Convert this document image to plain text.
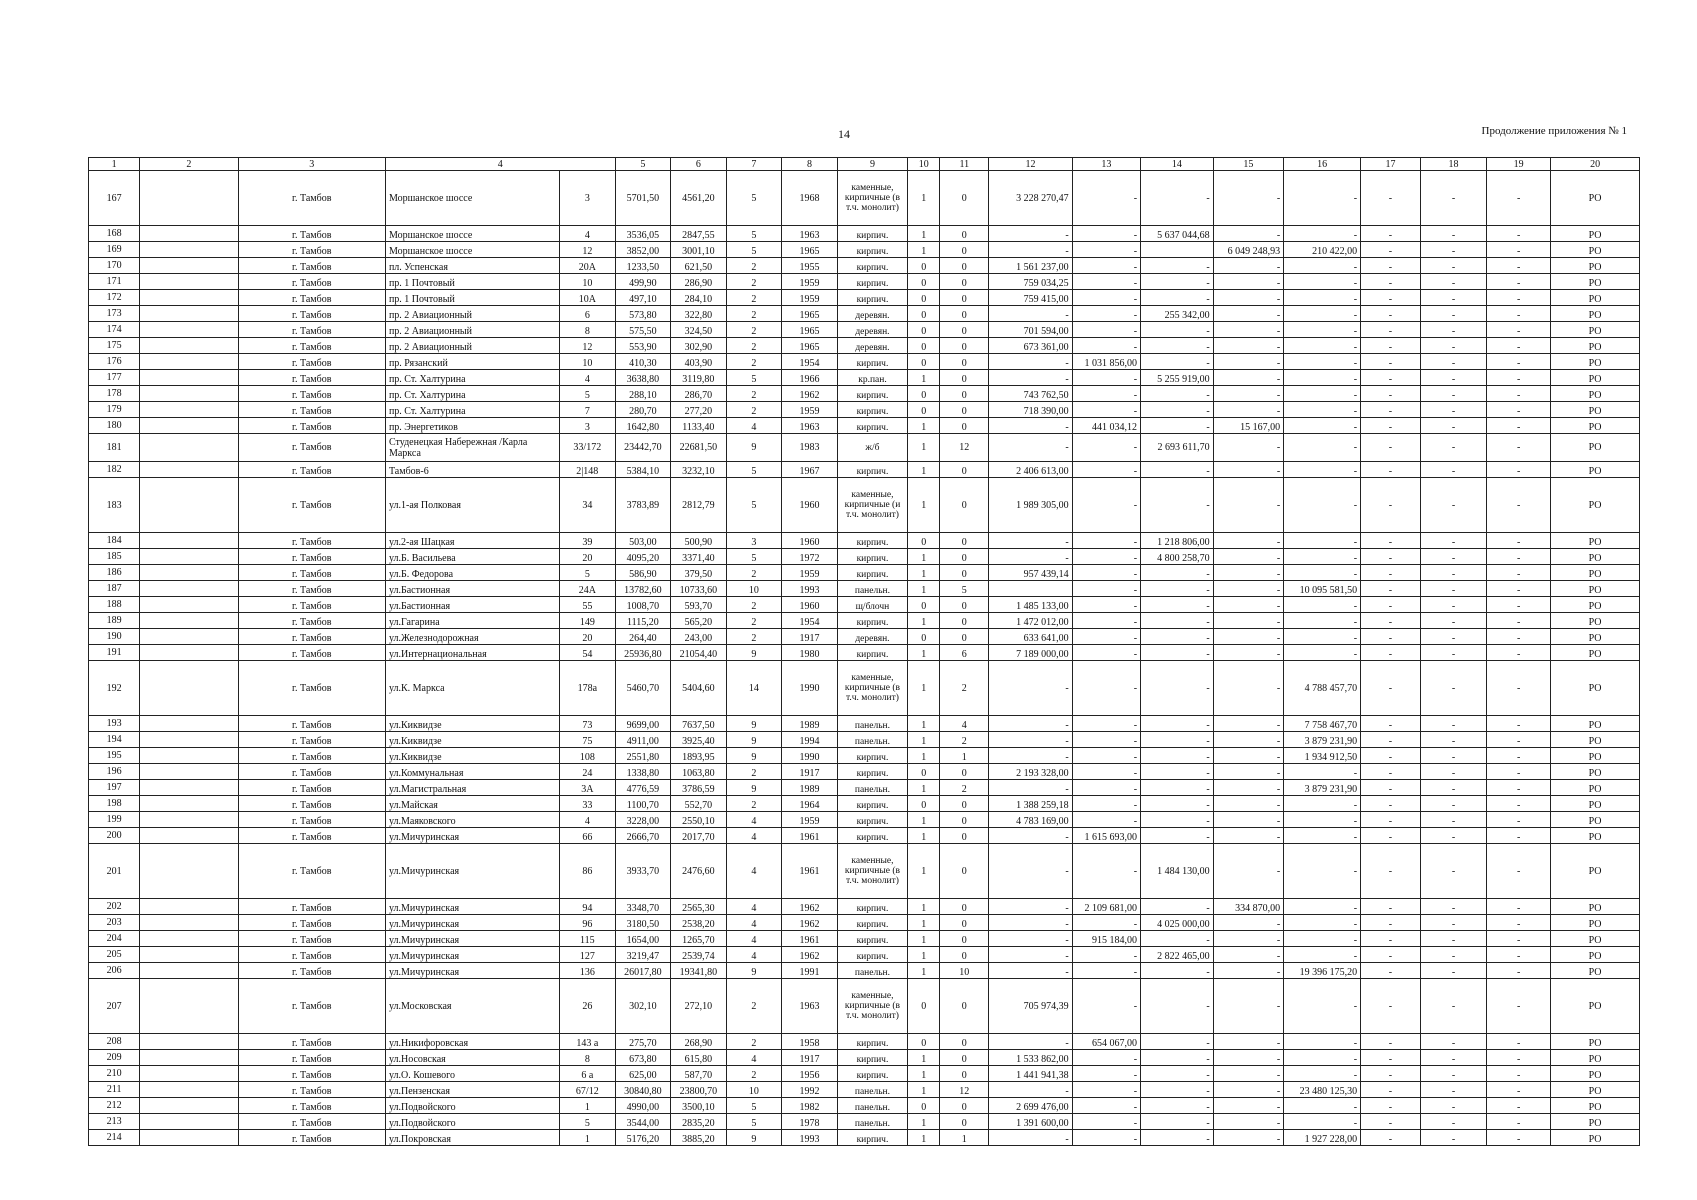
14	Продолжение приложения № 1
1	2	3	4		5	6	7	8	9	10	11	12	13	14	15	16	17	18	19	20
167		г. Тамбов	Моршанское шоссе	3	5701,50	4561,20	5	1968	каменные, кирпичные (в т.ч. монолит)	1	0	3 228 270,47	-	-	-	-	-	-	-	РО
168		г. Тамбов	Моршанское шоссе	4	3536,05	2847,55	5	1963	кирпич.	1	0	-	-	5 637 044,68	-	-	-	-	-	РО
169		г. Тамбов	Моршанское шоссе	12	3852,00	3001,10	5	1965	кирпич.	1	0	-	-		6 049 248,93	210 422,00	-	-	-	РО
170		г. Тамбов	пл. Успенская	20А	1233,50	621,50	2	1955	кирпич.	0	0	1 561 237,00	-	-	-	-	-	-	-	РО
171		г. Тамбов	пр. 1 Почтовый	10	499,90	286,90	2	1959	кирпич.	0	0	759 034,25	-	-	-	-	-	-	-	РО
172		г. Тамбов	пр. 1 Почтовый	10А	497,10	284,10	2	1959	кирпич.	0	0	759 415,00	-	-	-	-	-	-	-	РО
173		г. Тамбов	пр. 2 Авиационный	6	573,80	322,80	2	1965	деревян.	0	0	-	-	255 342,00	-	-	-	-	-	РО
174		г. Тамбов	пр. 2 Авиационный	8	575,50	324,50	2	1965	деревян.	0	0	701 594,00	-	-	-	-	-	-	-	РО
175		г. Тамбов	пр. 2 Авиационный	12	553,90	302,90	2	1965	деревян.	0	0	673 361,00	-	-	-	-	-	-	-	РО
176		г. Тамбов	пр. Рязанский	10	410,30	403,90	2	1954	кирпич.	0	0	-	1 031 856,00	-	-	-	-	-	-	РО
177		г. Тамбов	пр. Ст. Халтурина	4	3638,80	3119,80	5	1966	кр.пан.	1	0	-	-	5 255 919,00	-	-	-	-	-	РО
178		г. Тамбов	пр. Ст. Халтурина	5	288,10	286,70	2	1962	кирпич.	0	0	743 762,50	-	-	-	-	-	-	-	РО
179		г. Тамбов	пр. Ст. Халтурина	7	280,70	277,20	2	1959	кирпич.	0	0	718 390,00	-	-	-	-	-	-	-	РО
180		г. Тамбов	пр. Энергетиков	3	1642,80	1133,40	4	1963	кирпич.	1	0	-	441 034,12	-	15 167,00	-	-	-	-	РО
181		г. Тамбов	Студенецкая Набережная /Карла Маркса	33/172	23442,70	22681,50	9	1983	ж/б	1	12	-	-	2 693 611,70	-	-	-	-	-	РО
182		г. Тамбов	Тамбов-6	2|148	5384,10	3232,10	5	1967	кирпич.	1	0	2 406 613,00	-	-	-	-	-	-	-	РО
183		г. Тамбов	ул.1-ая Полковая	34	3783,89	2812,79	5	1960	каменные, кирпичные (и т.ч. монолит)	1	0	1 989 305,00	-	-	-	-	-	-	-	РО
184		г. Тамбов	ул.2-ая Шацкая	39	503,00	500,90	3	1960	кирпич.	0	0	-	-	1 218 806,00	-	-	-	-	-	РО
185		г. Тамбов	ул.Б. Васильева	20	4095,20	3371,40	5	1972	кирпич.	1	0	-	-	4 800 258,70	-	-	-	-	-	РО
186		г. Тамбов	ул.Б. Федорова	5	586,90	379,50	2	1959	кирпич.	1	0	957 439,14	-	-	-	-	-	-	-	РО
187		г. Тамбов	ул.Бастионная	24А	13782,60	10733,60	10	1993	панельн.	1	5		-	-	-	10 095 581,50	-	-	-	РО
188		г. Тамбов	ул.Бастионная	55	1008,70	593,70	2	1960	щ/блочн	0	0	1 485 133,00	-	-	-	-	-	-	-	РО
189		г. Тамбов	ул.Гагарина	149	1115,20	565,20	2	1954	кирпич.	1	0	1 472 012,00	-	-	-	-	-	-	-	РО
190		г. Тамбов	ул.Железнодорожная	20	264,40	243,00	2	1917	деревян.	0	0	633 641,00	-	-	-	-	-	-	-	РО
191		г. Тамбов	ул.Интернациональная	54	25936,80	21054,40	9	1980	кирпич.	1	6	7 189 000,00	-	-	-	-	-	-	-	РО
192		г. Тамбов	ул.К. Маркса	178а	5460,70	5404,60	14	1990	каменные, кирпичные (в т.ч. монолит)	1	2	-	-	-	-	4 788 457,70	-	-	-	РО
193		г. Тамбов	ул.Киквидзе	73	9699,00	7637,50	9	1989	панельн.	1	4	-	-	-	-	7 758 467,70	-	-	-	РО
194		г. Тамбов	ул.Киквидзе	75	4911,00	3925,40	9	1994	панельн.	1	2	-	-	-	-	3 879 231,90	-	-	-	РО
195		г. Тамбов	ул.Киквидзе	108	2551,80	1893,95	9	1990	кирпич.	1	1	-	-	-	-	1 934 912,50	-	-	-	РО
196		г. Тамбов	ул.Коммунальная	24	1338,80	1063,80	2	1917	кирпич.	0	0	2 193 328,00	-	-	-	-	-	-	-	РО
197		г. Тамбов	ул.Магистральная	3А	4776,59	3786,59	9	1989	панельн.	1	2	-	-	-	-	3 879 231,90	-	-	-	РО
198		г. Тамбов	ул.Майская	33	1100,70	552,70	2	1964	кирпич.	0	0	1 388 259,18	-	-	-	-	-	-	-	РО
199		г. Тамбов	ул.Маяковского	4	3228,00	2550,10	4	1959	кирпич.	1	0	4 783 169,00	-	-	-	-	-	-	-	РО
200		г. Тамбов	ул.Мичуринская	66	2666,70	2017,70	4	1961	кирпич.	1	0	-	1 615 693,00	-	-	-	-	-	-	РО
201		г. Тамбов	ул.Мичуринская	86	3933,70	2476,60	4	1961	каменные, кирпичные (в т.ч. монолит)	1	0	-	-	1 484 130,00	-	-	-	-	-	РО
202		г. Тамбов	ул.Мичуринская	94	3348,70	2565,30	4	1962	кирпич.	1	0	-	2 109 681,00	-	334 870,00	-	-	-	-	РО
203		г. Тамбов	ул.Мичуринская	96	3180,50	2538,20	4	1962	кирпич.	1	0	-	-	4 025 000,00	-	-	-	-	-	РО
204		г. Тамбов	ул.Мичуринская	115	1654,00	1265,70	4	1961	кирпич.	1	0	-	915 184,00	-	-	-	-	-	-	РО
205		г. Тамбов	ул.Мичуринская	127	3219,47	2539,74	4	1962	кирпич.	1	0	-	-	2 822 465,00	-	-	-	-	-	РО
206		г. Тамбов	ул.Мичуринская	136	26017,80	19341,80	9	1991	панельн.	1	10	-	-	-	-	19 396 175,20	-	-	-	РО
207		г. Тамбов	ул.Московская	26	302,10	272,10	2	1963	каменные, кирпичные (в т.ч. монолит)	0	0	705 974,39	-	-	-	-	-	-	-	РО
208		г. Тамбов	ул.Никифоровская	143 а	275,70	268,90	2	1958	кирпич.	0	0	-	654 067,00	-	-	-	-	-	-	РО
209		г. Тамбов	ул.Носовская	8	673,80	615,80	4	1917	кирпич.	1	0	1 533 862,00	-	-	-	-	-	-	-	РО
210		г. Тамбов	ул.О. Кошевого	6 а	625,00	587,70	2	1956	кирпич.	1	0	1 441 941,38	-	-	-	-	-	-	-	РО
211		г. Тамбов	ул.Пензенская	67/12	30840,80	23800,70	10	1992	панельн.	1	12	-	-	-	-	23 480 125,30	-	-	-	РО
212		г. Тамбов	ул.Подвойского	1	4990,00	3500,10	5	1982	панельн.	0	0	2 699 476,00	-	-	-	-	-	-	-	РО
213		г. Тамбов	ул.Подвойского	5	3544,00	2835,20	5	1978	панельн.	1	0	1 391 600,00	-	-	-	-	-	-	-	РО
214		г. Тамбов	ул.Покровская	1	5176,20	3885,20	9	1993	кирпич.	1	1	-	-	-	-	1 927 228,00	-	-	-	РО
